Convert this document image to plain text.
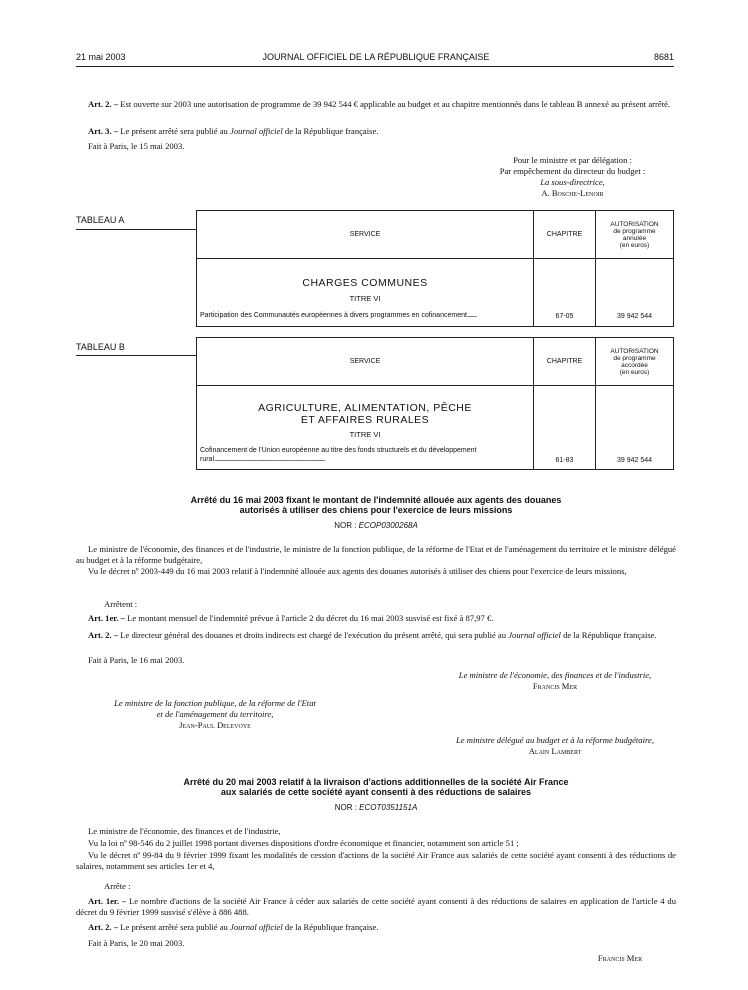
21 mai 2003	JOURNAL OFFICIEL DE LA RÉPUBLIQUE FRANÇAISE	8681
Art. 2. – Est ouverte sur 2003 une autorisation de programme de 39 942 544 € applicable au budget et au chapitre mentionnés dans le tableau B annexé au présent arrêté.
Art. 3. – Le présent arrêté sera publié au Journal officiel de la République française.
Fait à Paris, le 15 mai 2003.
Pour le ministre et par délégation :
Par empêchement du directeur du budget :
La sous-directrice,
A. Bosche-Lenoir
TABLEAU A
SERVICE	CHAPITRE	AUTORISATION
de programme
annulée
(en euros)

CHARGES COMMUNES
TITRE VI
Participation des Communautés européennes à divers programmes en cofinancement..........	67-05	39 942 544
TABLEAU B
SERVICE	CHAPITRE	AUTORISATION
de programme
accordée
(en euros)

AGRICULTURE, ALIMENTATION, PÊCHE
ET AFFAIRES RURALES
TITRE VI
Cofinancement de l'Union européenne au titre des fonds structurels et du développement
rural.....................................................................................................................	61-83	39 942 544
Arrêté du 16 mai 2003 fixant le montant de l'indemnité allouée aux agents des douanes
autorisés à utiliser des chiens pour l'exercice de leurs missions
NOR : ECOP0300268A
Le ministre de l'économie, des finances et de l'industrie, le ministre de la fonction publique, de la réforme de l'Etat et de l'aménagement du territoire et le ministre délégué au budget et à la réforme budgétaire,
Vu le décret nº 2003-449 du 16 mai 2003 relatif à l'indemnité allouée aux agents des douanes autorisés à utiliser des chiens pour l'exercice de leurs missions,
Arrêtent :
Art. 1er. – Le montant mensuel de l'indemnité prévue à l'article 2 du décret du 16 mai 2003 susvisé est fixé à 87,97 €.
Art. 2. – Le directeur général des douanes et droits indirects est chargé de l'exécution du présent arrêté, qui sera publié au Journal officiel de la République française.
Fait à Paris, le 16 mai 2003.
Le ministre de l'économie, des finances et de l'industrie,
Francis Mer
Le ministre de la fonction publique, de la réforme de l'Etat
et de l'aménagement du territoire,
Jean-Paul Delevoye
Le ministre délégué au budget et à la réforme budgétaire,
Alain Lambert
Arrêté du 20 mai 2003 relatif à la livraison d'actions additionnelles de la société Air France
aux salariés de cette société ayant consenti à des réductions de salaires
NOR : ECOT0351151A
Le ministre de l'économie, des finances et de l'industrie,
Vu la loi nº 98-546 du 2 juillet 1998 portant diverses dispositions d'ordre économique et financier, notamment son article 51 ;
Vu le décret nº 99-84 du 9 février 1999 fixant les modalités de cession d'actions de la société Air France aux salariés de cette société ayant consenti à des réductions de salaires, notamment ses articles 1er et 4,
Arrête :
Art. 1er. – Le nombre d'actions de la société Air France à céder aux salariés de cette société ayant consenti à des réductions de salaires en application de l'article 4 du décret du 9 février 1999 susvisé s'élève à 886 488.
Art. 2. – Le présent arrêté sera publié au Journal officiel de la République française.
Fait à Paris, le 20 mai 2003.
Francis Mer
